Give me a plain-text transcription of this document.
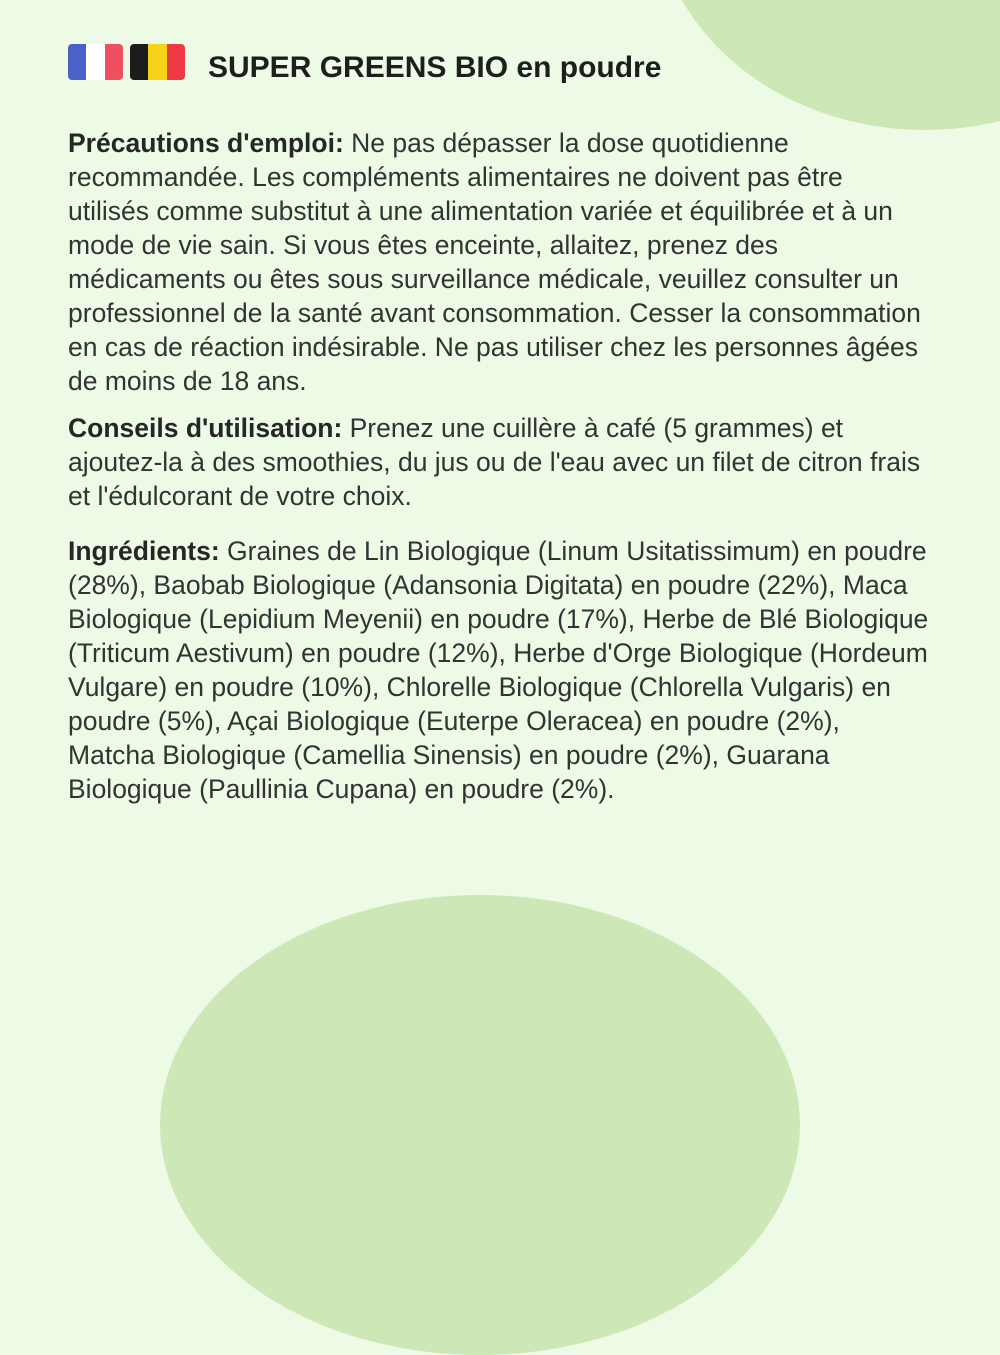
SUPER GREENS BIO en poudre

Précautions d'emploi: Ne pas dépasser la dose quotidienne recommandée. Les compléments alimentaires ne doivent pas être utilisés comme substitut à une alimentation variée et équilibrée et à un mode de vie sain. Si vous êtes enceinte, allaitez, prenez des médicaments ou êtes sous surveillance médicale, veuillez consulter un professionnel de la santé avant consommation. Cesser la consommation en cas de réaction indésirable. Ne pas utiliser chez les personnes âgées de moins de 18 ans.

Conseils d'utilisation: Prenez une cuillère à café (5 grammes) et ajoutez-la à des smoothies, du jus ou de l'eau avec un filet de citron frais et l'édulcorant de votre choix.

Ingrédients: Graines de Lin Biologique (Linum Usitatissimum) en poudre (28%), Baobab Biologique (Adansonia Digitata) en poudre (22%), Maca Biologique (Lepidium Meyenii) en poudre (17%), Herbe de Blé Biologique (Triticum Aestivum) en poudre (12%), Herbe d'Orge Biologique (Hordeum Vulgare) en poudre (10%), Chlorelle Biologique (Chlorella Vulgaris) en poudre (5%), Açai Biologique (Euterpe Oleracea) en poudre (2%), Matcha Biologique (Camellia Sinensis) en poudre (2%), Guarana Biologique (Paullinia Cupana) en poudre (2%).
